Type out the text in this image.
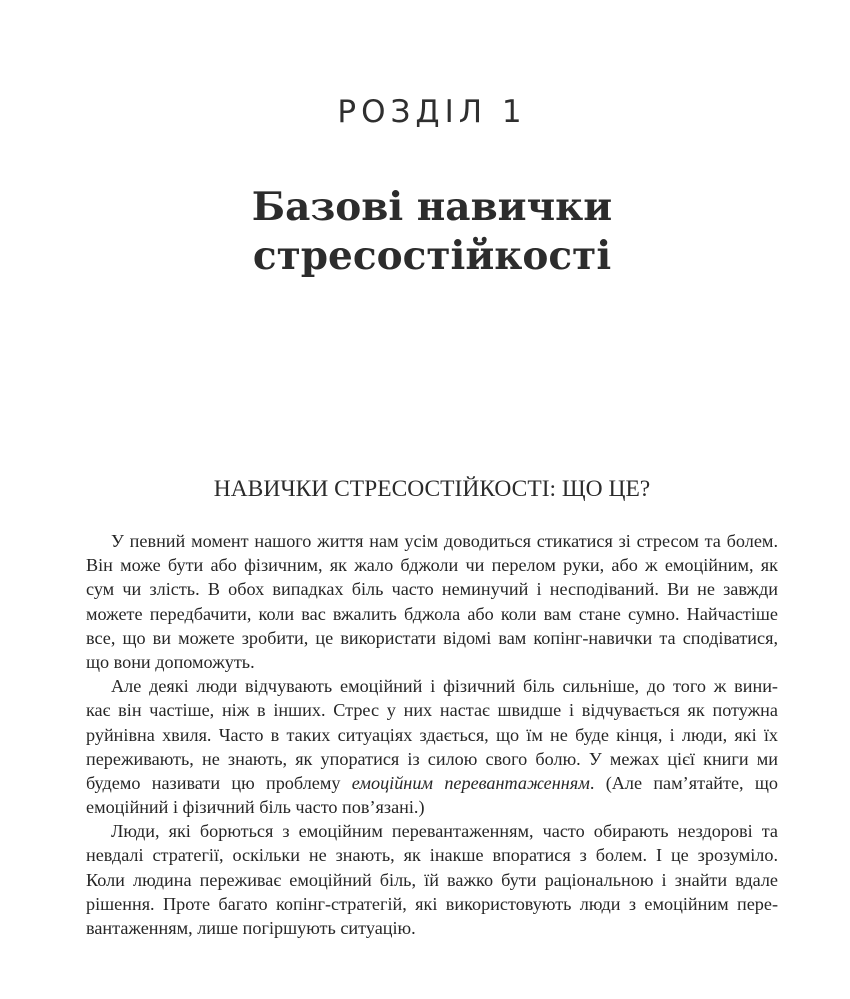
РОЗДІЛ 1
Базові навички
стресостійкості
НАВИЧКИ СТРЕСОСТІЙКОСТІ: ЩО ЦЕ?
У певний момент нашого життя нам усім доводиться стикатися зі стресом та болем.
Він може бути або фізичним, як жало бджоли чи перелом руки, або ж емоційним, як
сум чи злість. В обох випадках біль часто неминучий і несподіваний. Ви не завжди
можете передбачити, коли вас вжалить бджола або коли вам стане сумно. Найчастіше
все, що ви можете зробити, це використати відомі вам копінг-навички та сподіватися,
що вони допоможуть.
Але деякі люди відчувають емоційний і фізичний біль сильніше, до того ж вини-
кає він частіше, ніж в інших. Стрес у них настає швидше і відчувається як потужна
руйнівна хвиля. Часто в таких ситуаціях здається, що їм не буде кінця, і люди, які їх
переживають, не знають, як упоратися із силою свого болю. У межах цієї книги ми
будемо називати цю проблему емоційним перевантаженням. (Але пам’ятайте, що
емоційний і фізичний біль часто пов’язані.)
Люди, які борються з емоційним перевантаженням, часто обирають нездорові та
невдалі стратегії, оскільки не знають, як інакше впоратися з болем. І це зрозуміло.
Коли людина переживає емоційний біль, їй важко бути раціональною і знайти вдале
рішення. Проте багато копінг-стратегій, які використовують люди з емоційним пере-
вантаженням, лише погіршують ситуацію.
